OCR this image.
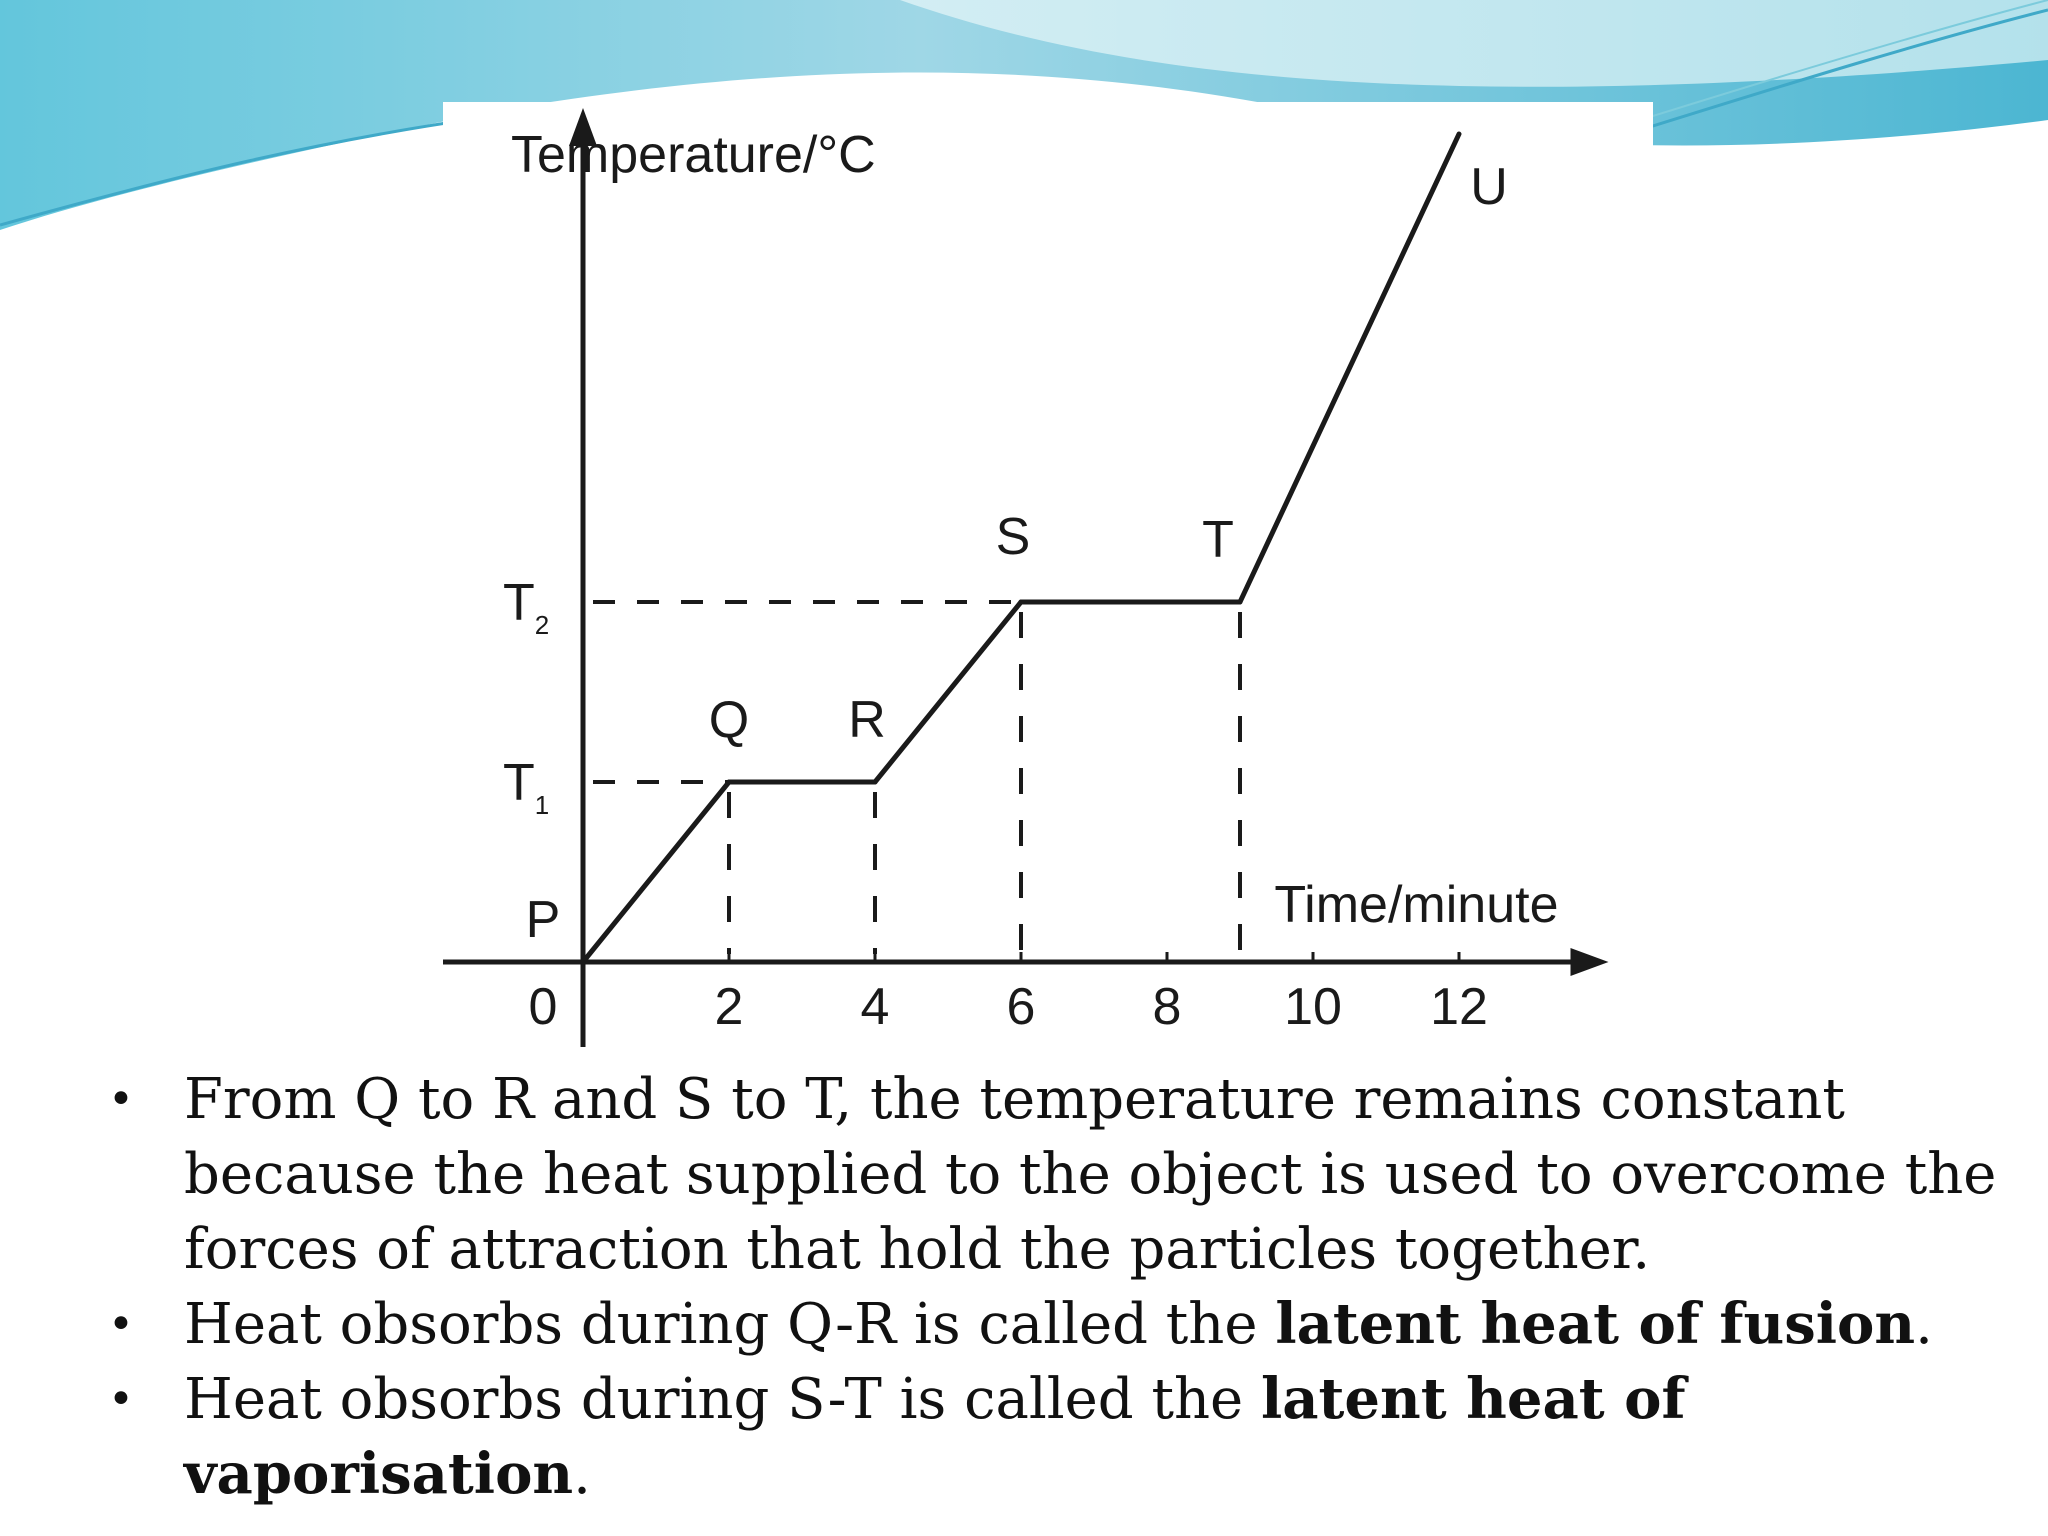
0	2 4 6 8 10 12
P
Q R
S	T
U
$T_1$
$T_2$
Temperature/°C
Time/minute
• From Q to R and S to T, the temperature remains constant because the heat supplied to the object is used to overcome the forces of attraction that hold the particles together.
• Heat obsorbs during Q-R is called the latent heat of fusion.
• Heat obsorbs during S-T is called the latent heat of vaporisation.
